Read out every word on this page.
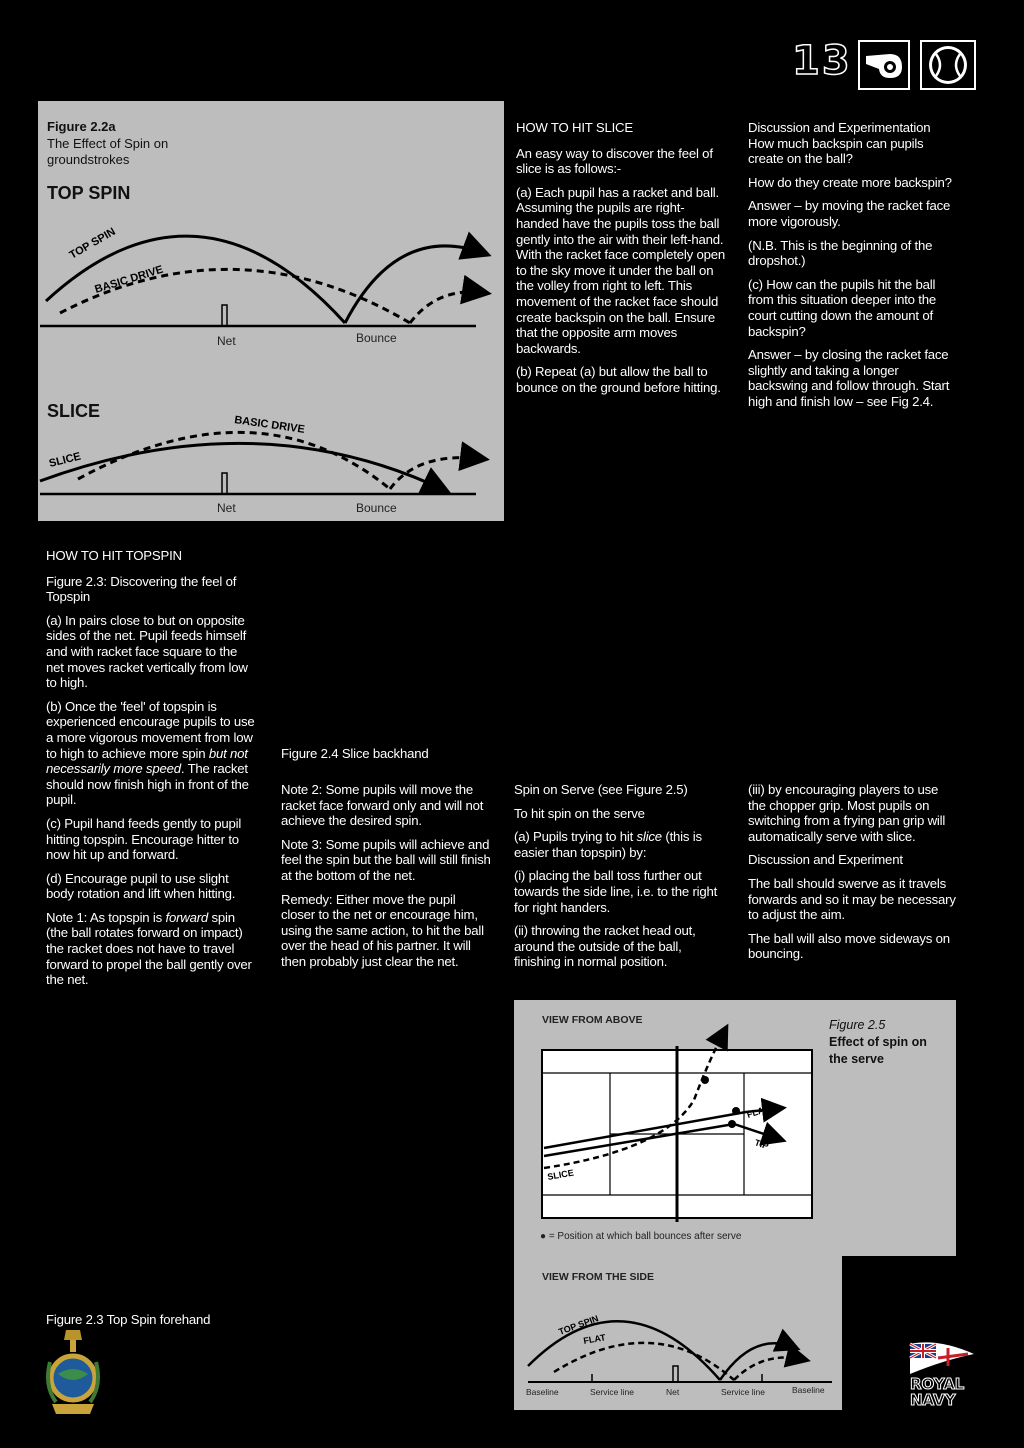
13
Figure 2.2a
The Effect of Spin on
groundstrokes
TOP SPIN
SLICE
TOP SPIN
BASIC DRIVE
Net	Bounce
SLICE
BASIC DRIVE
Net	Bounce

HOW TO HIT SLICE

An easy way to discover the feel of slice is as follows:-

(a) Each pupil has a racket and ball. Assuming the pupils are right-handed have the pupils toss the ball gently into the air with their left-hand. With the racket face completely open to the sky move it under the ball on the volley from right to left. This movement of the racket face should create backspin on the ball. Ensure that the opposite arm moves backwards.

(b) Repeat (a) but allow the ball to bounce on the ground before hitting.

Discussion and Experimentation

How much backspin can pupils create on the ball?

How do they create more backspin?

Answer – by moving the racket face more vigorously.

(N.B. This is the beginning of the dropshot.)

(c) How can the pupils hit the ball from this situation deeper into the court cutting down the amount of backspin?

Answer – by closing the racket face slightly and taking a longer backswing and follow through. Start high and finish low – see Fig 2.4.

HOW TO HIT TOPSPIN

Figure 2.3: Discovering the feel of Topspin

(a) In pairs close to but on opposite sides of the net. Pupil feeds himself and with racket face square to the net moves racket vertically from low to high.

(b) Once the 'feel' of topspin is experienced encourage pupils to use a more vigorous movement from low to high to achieve more spin but not necessarily more speed. The racket should now finish high in front of the pupil.

(c) Pupil hand feeds gently to pupil hitting topspin. Encourage hitter to now hit up and forward.

(d) Encourage pupil to use slight body rotation and lift when hitting.

Note 1: As topspin is forward spin (the ball rotates forward on impact) the racket does not have to travel forward to propel the ball gently over the net.

Figure 2.4 Slice backhand

Note 2: Some pupils will move the racket face forward only and will not achieve the desired spin.

Note 3: Some pupils will achieve and feel the spin but the ball will still finish at the bottom of the net.

Remedy: Either move the pupil closer to the net or encourage him, using the same action, to hit the ball over the head of his partner. It will then probably just clear the net.

Spin on Serve (see Figure 2.5)

To hit spin on the serve

(a) Pupils trying to hit slice (this is easier than topspin) by:

(i) placing the ball toss further out towards the side line, i.e. to the right for right handers.

(ii) throwing the racket head out, around the outside of the ball, finishing in normal position.

(iii) by encouraging players to use the chopper grip. Most pupils on switching from a frying pan grip will automatically serve with slice.

Discussion and Experiment

The ball should swerve as it travels forwards and so it may be necessary to adjust the aim.

The ball will also move sideways on bouncing.

Figure 2.5
Effect of spin on
the serve
VIEW FROM ABOVE
FLAT
TIP
SLICE
● = Position at which ball bounces after serve
VIEW FROM THE SIDE
TOP SPIN
FLAT
Baseline	Service line	Net	Service line	Baseline
Figure 2.3 Top Spin forehand
ROYAL
NAVY
